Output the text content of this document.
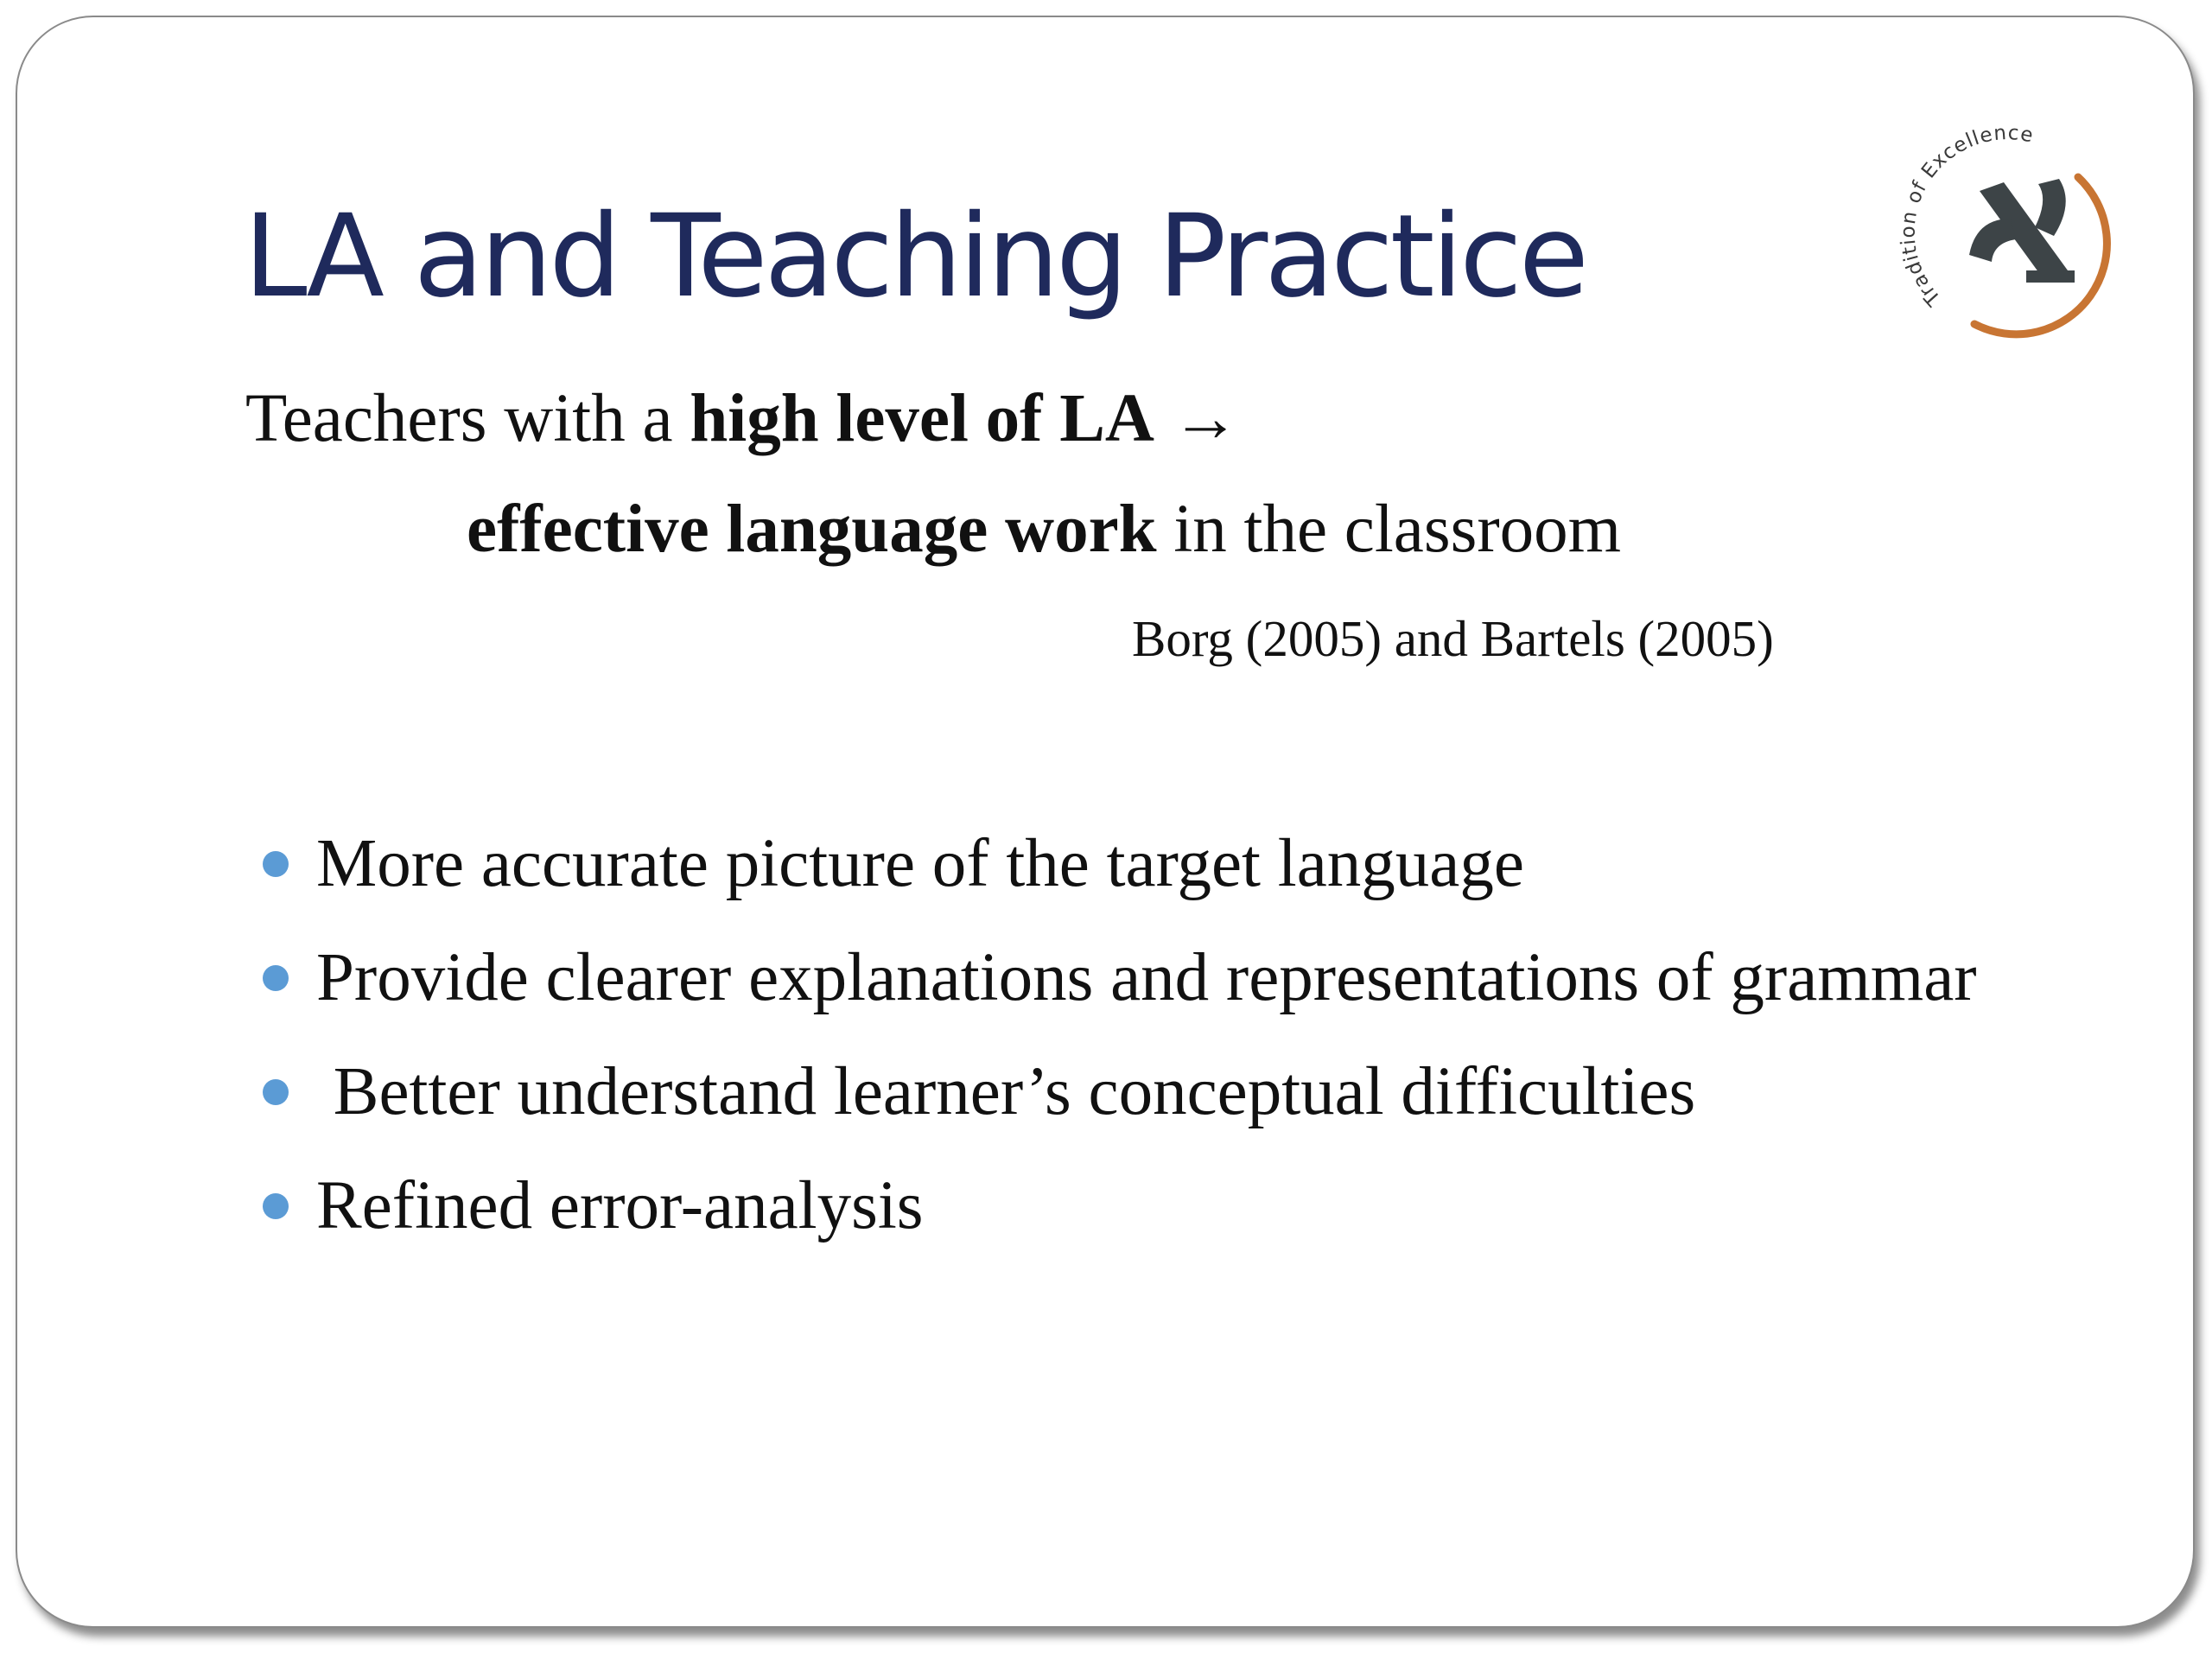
LA and Teaching Practice	Tradition of Excellence
Teachers with a high level of LA →
effective language work in the classroom
Borg (2005) and Bartels (2005)
More accurate picture of the target language
Provide clearer explanations and representations of grammar
Better understand learner’s conceptual difficulties
Refined error-analysis
